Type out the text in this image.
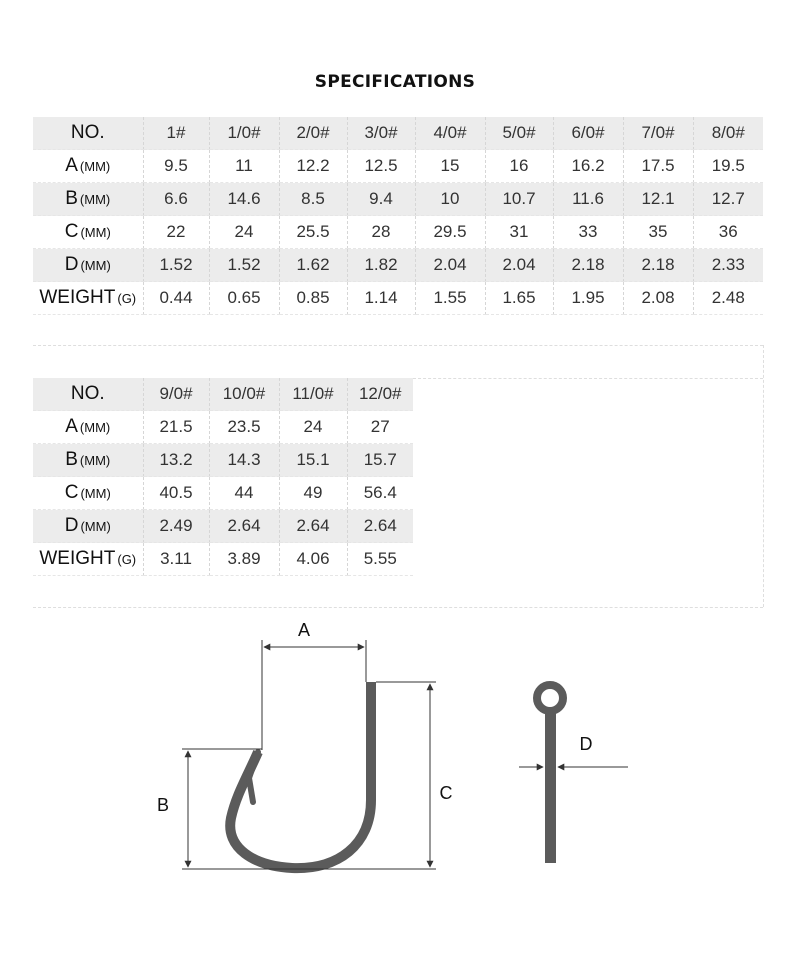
SPECIFICATIONS
NO.	1#	1/0#	2/0#	3/0#	4/0#	5/0#	6/0#	7/0#	8/0#
A (MM)	9.5	11	12.2	12.5	15	16	16.2	17.5	19.5
B (MM)	6.6	14.6	8.5	9.4	10	10.7	11.6	12.1	12.7
C (MM)	22	24	25.5	28	29.5	31	33	35	36
D (MM)	1.52	1.52	1.62	1.82	2.04	2.04	2.18	2.18	2.33
WEIGHT (G)	0.44	0.65	0.85	1.14	1.55	1.65	1.95	2.08	2.48
NO.	9/0#	10/0#	11/0#	12/0#
A (MM)	21.5	23.5	24	27
B (MM)	13.2	14.3	15.1	15.7
C (MM)	40.5	44	49	56.4
D (MM)	2.49	2.64	2.64	2.64
WEIGHT (G)	3.11	3.89	4.06	5.55
A
B
C
D
